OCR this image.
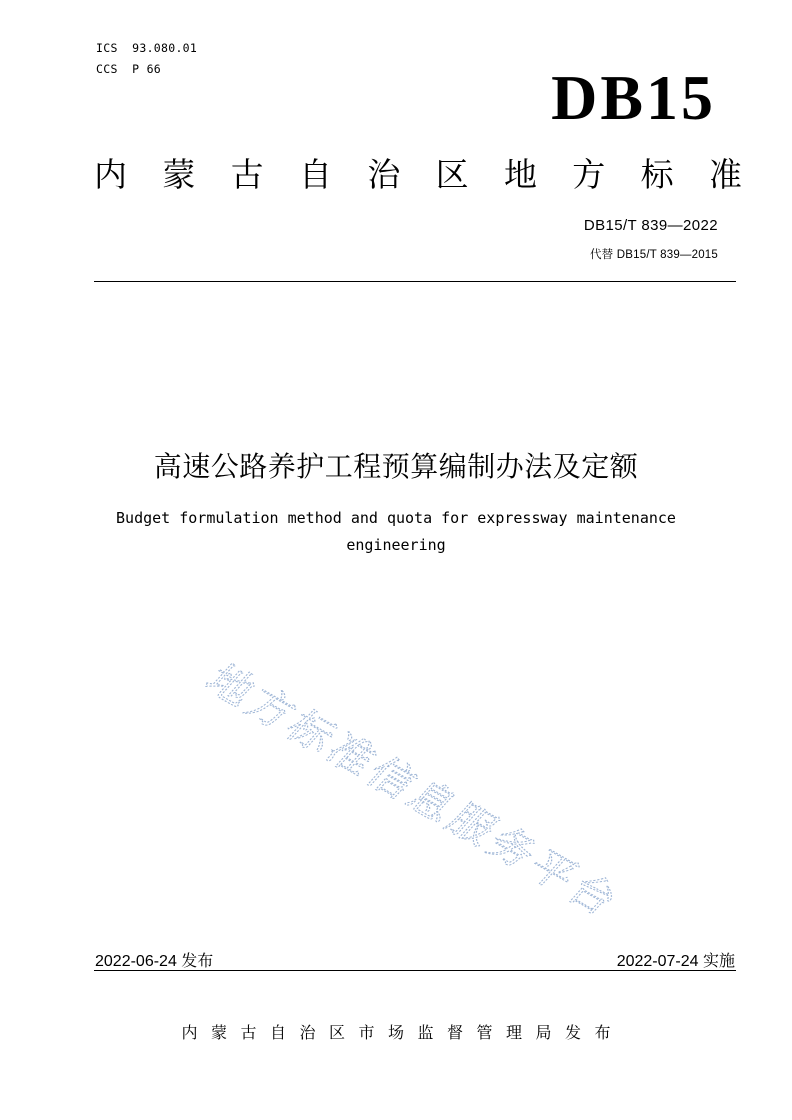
ICS  93.080.01
CCS  P 66	DB15
内 蒙 古 自 治 区 地 方 标 准
DB15/T 839—2022
代替 DB15/T 839—2015
高速公路养护工程预算编制办法及定额
Budget formulation method and quota for expressway maintenance
engineering
地
方
标
准
信
息
服
务
平
台
2022-06-24 发布	2022-07-24 实施
内蒙古自治区市场监督管理局发布
